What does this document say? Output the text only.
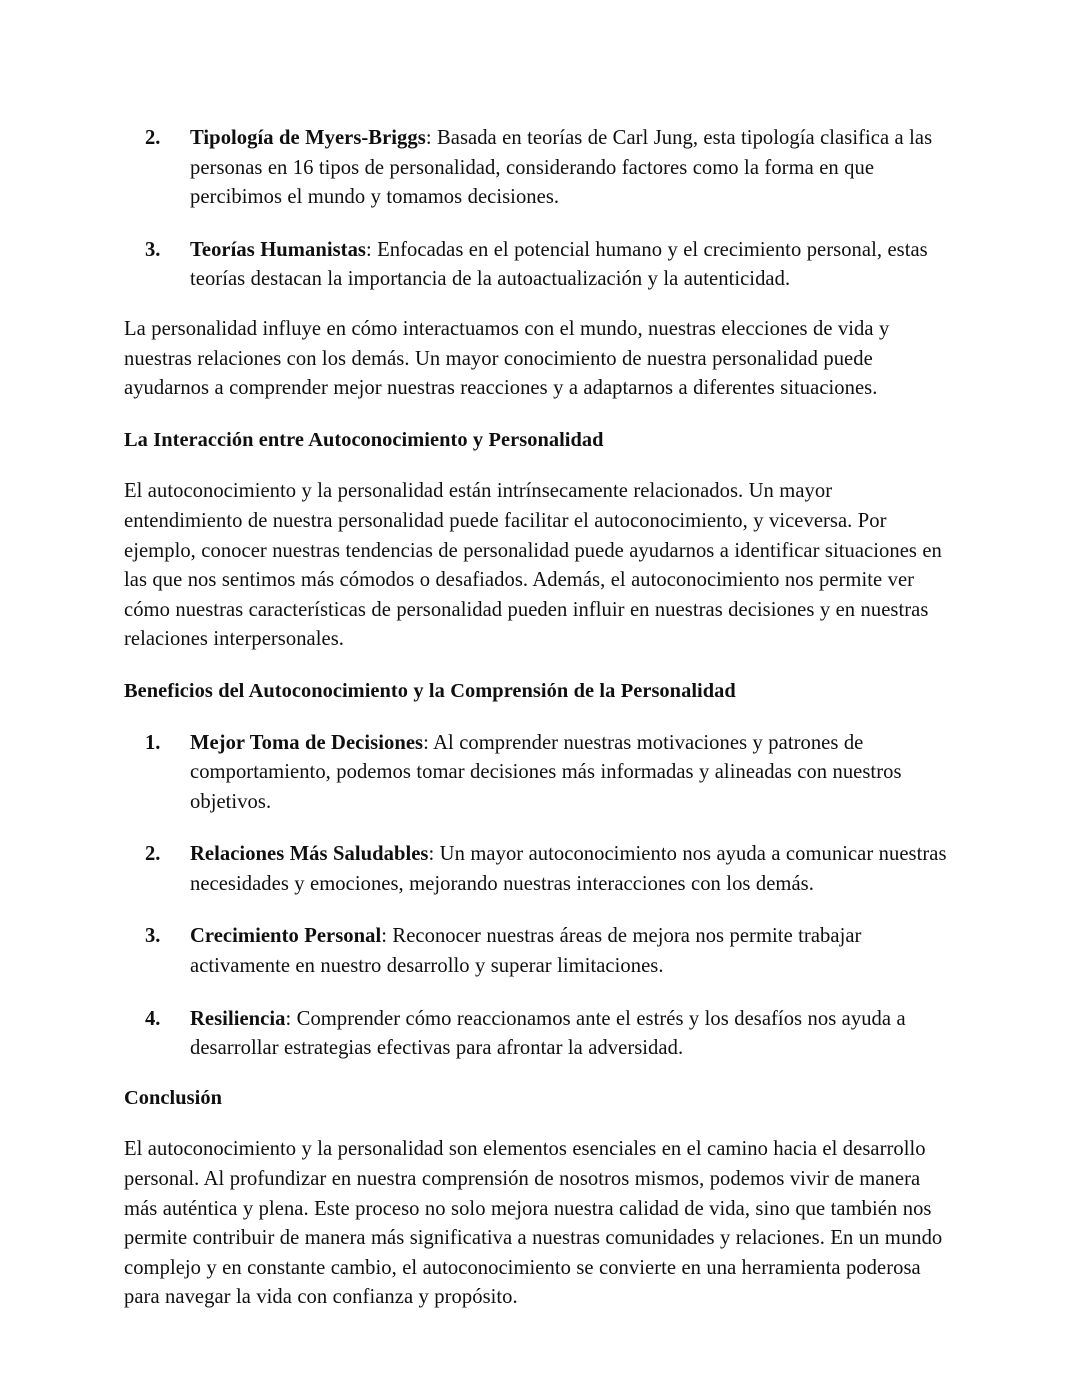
2.	Tipología de Myers-Briggs: Basada en teorías de Carl Jung, esta tipología clasifica a las personas en 16 tipos de personalidad, considerando factores como la forma en que percibimos el mundo y tomamos decisiones.
3.	Teorías Humanistas: Enfocadas en el potencial humano y el crecimiento personal, estas teorías destacan la importancia de la autoactualización y la autenticidad.

La personalidad influye en cómo interactuamos con el mundo, nuestras elecciones de vida y nuestras relaciones con los demás. Un mayor conocimiento de nuestra personalidad puede ayudarnos a comprender mejor nuestras reacciones y a adaptarnos a diferentes situaciones.

La Interacción entre Autoconocimiento y Personalidad

El autoconocimiento y la personalidad están intrínsecamente relacionados. Un mayor entendimiento de nuestra personalidad puede facilitar el autoconocimiento, y viceversa. Por ejemplo, conocer nuestras tendencias de personalidad puede ayudarnos a identificar situaciones en las que nos sentimos más cómodos o desafiados. Además, el autoconocimiento nos permite ver cómo nuestras características de personalidad pueden influir en nuestras decisiones y en nuestras relaciones interpersonales.

Beneficios del Autoconocimiento y la Comprensión de la Personalidad
1.	Mejor Toma de Decisiones: Al comprender nuestras motivaciones y patrones de comportamiento, podemos tomar decisiones más informadas y alineadas con nuestros objetivos.
2.	Relaciones Más Saludables: Un mayor autoconocimiento nos ayuda a comunicar nuestras necesidades y emociones, mejorando nuestras interacciones con los demás.
3.	Crecimiento Personal: Reconocer nuestras áreas de mejora nos permite trabajar activamente en nuestro desarrollo y superar limitaciones.
4.	Resiliencia: Comprender cómo reaccionamos ante el estrés y los desafíos nos ayuda a desarrollar estrategias efectivas para afrontar la adversidad.
Conclusión

El autoconocimiento y la personalidad son elementos esenciales en el camino hacia el desarrollo personal. Al profundizar en nuestra comprensión de nosotros mismos, podemos vivir de manera más auténtica y plena. Este proceso no solo mejora nuestra calidad de vida, sino que también nos permite contribuir de manera más significativa a nuestras comunidades y relaciones. En un mundo complejo y en constante cambio, el autoconocimiento se convierte en una herramienta poderosa para navegar la vida con confianza y propósito.
